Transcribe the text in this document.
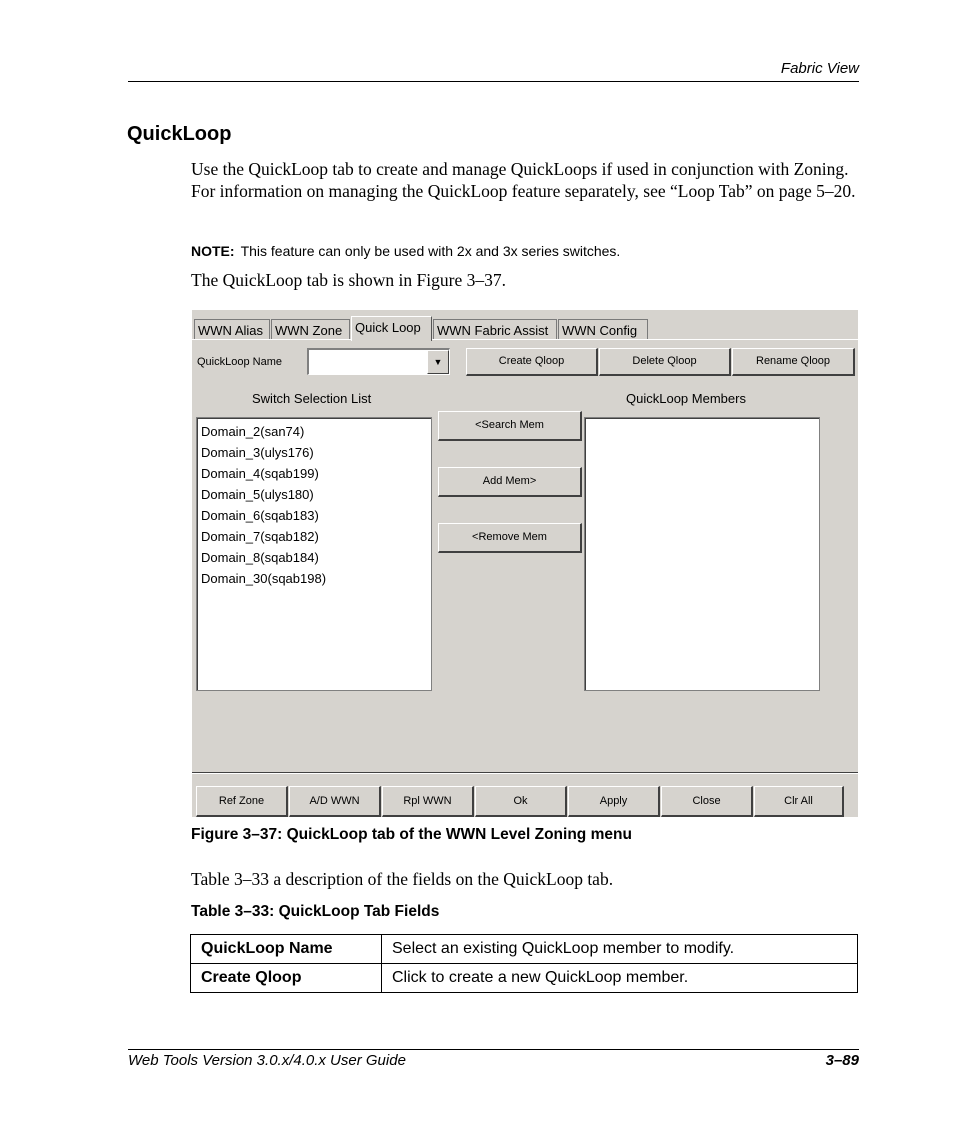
Fabric View
QuickLoop
Use the QuickLoop tab to create and manage QuickLoops if used in conjunction with Zoning. For information on managing the QuickLoop feature separately, see “Loop Tab” on page 5–20.
NOTE: This feature can only be used with 2x and 3x series switches.
The QuickLoop tab is shown in Figure 3–37.
WWN Alias WWN Zone Quick Loop	WWN Fabric Assist	WWN Config
QuickLoop Name	▼	Create Qloop	Delete Qloop	Rename Qloop
Switch Selection List	QuickLoop Members
Domain_2(san74)
Domain_3(ulys176)
Domain_4(sqab199)
Domain_5(ulys180)
Domain_6(sqab183)
Domain_7(sqab182)
Domain_8(sqab184)
Domain_30(sqab198)
<Search Mem
Add Mem>
<Remove Mem
Ref Zone	A/D WWN	Rpl WWN	Ok	Apply	Close	Clr All
Figure 3–37: QuickLoop tab of the WWN Level Zoning menu
Table 3–33 a description of the fields on the QuickLoop tab.
Table 3–33: QuickLoop Tab Fields
QuickLoop Name	Select an existing QuickLoop member to modify.
Create Qloop	Click to create a new QuickLoop member.
Web Tools Version 3.0.x/4.0.x User Guide	3–89
